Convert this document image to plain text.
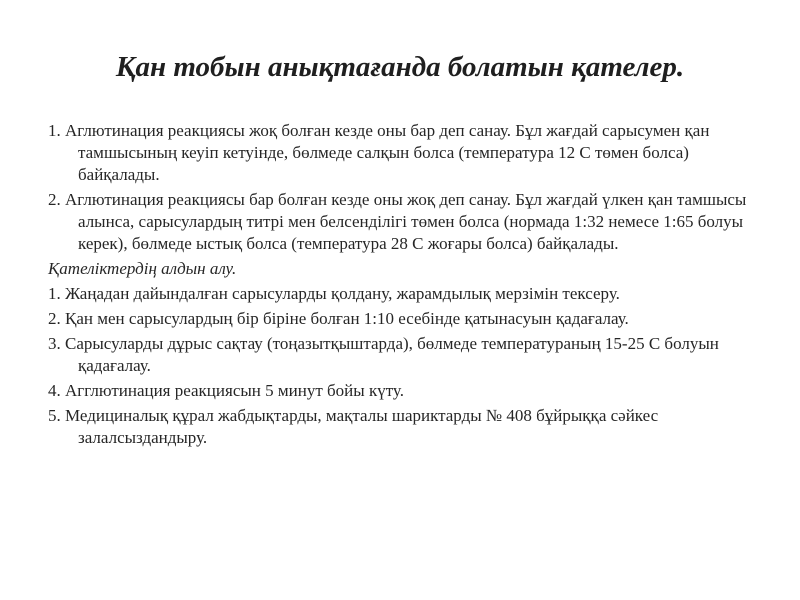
Қан тобын анықтағанда болатын қателер.

1. Аглютинация реакциясы жоқ болған кезде оны бар деп санау. Бұл жағдай сарысумен қан тамшысының кеуіп кетуінде, бөлмеде салқын болса (температура 12 С төмен болса) байқалады.

2. Аглютинация реакциясы бар болған кезде оны жоқ деп санау. Бұл жағдай үлкен қан тамшысы алынса, сарысулардың титрі мен белсенділігі төмен болса (нормада 1:32 немесе 1:65 болуы керек), бөлмеде ыстық болса (температура 28 С жоғары болса) байқалады.

Қателіктердің алдын алу.

1. Жаңадан дайындалған сарысуларды қолдану, жарамдылық мерзімін тексеру.

2. Қан мен сарысулардың бір біріне болған 1:10 есебінде қатынасуын қадағалау.

3. Сарысуларды дұрыс сақтау (тоңазытқыштарда), бөлмеде температураның 15-25 С болуын қадағалау.

4. Агглютинация реакциясын 5 минут бойы күту.

5. Медициналық құрал жабдықтарды, мақталы шариктарды № 408 бұйрыққа сәйкес залалсыздандыру.
